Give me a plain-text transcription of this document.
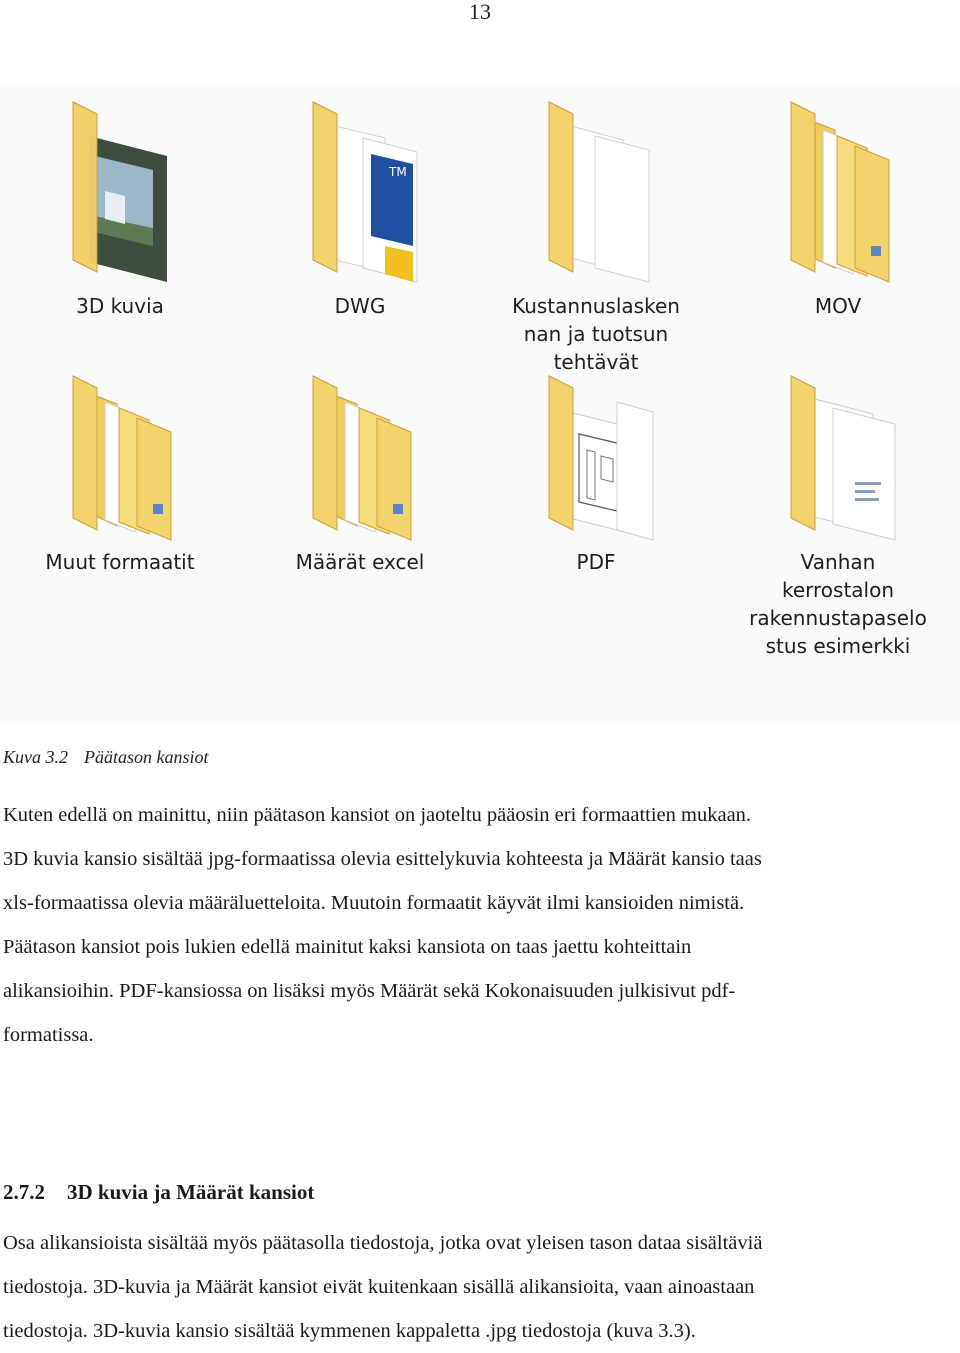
13
3D kuvia
TM
DWG	Kustannuslasken
nan ja tuotsun
tehtävät
MOV
Muut formaatit	Määrät excel	PDF	Vanhan
kerrostalon
rakennustapaselo
stus esimerkki
Kuva 3.2 Päätason kansiot
Kuten edellä on mainittu, niin päätason kansiot on jaoteltu pääosin eri formaattien mukaan.
3D kuvia kansio sisältää jpg-formaatissa olevia esittelykuvia kohteesta ja Määrät kansio taas
xls-formaatissa olevia määräluetteloita. Muutoin formaatit käyvät ilmi kansioiden nimistä.
Päätason kansiot pois lukien edellä mainitut kaksi kansiota on taas jaettu kohteittain
alikansioihin. PDF-kansiossa on lisäksi myös Määrät sekä Kokonaisuuden julkisivut pdf-
formatissa.
2.7.2 3D kuvia ja Määrät kansiot
Osa alikansioista sisältää myös päätasolla tiedostoja, jotka ovat yleisen tason dataa sisältäviä
tiedostoja. 3D-kuvia ja Määrät kansiot eivät kuitenkaan sisällä alikansioita, vaan ainoastaan
tiedostoja. 3D-kuvia kansio sisältää kymmenen kappaletta .jpg tiedostoja (kuva 3.3).
